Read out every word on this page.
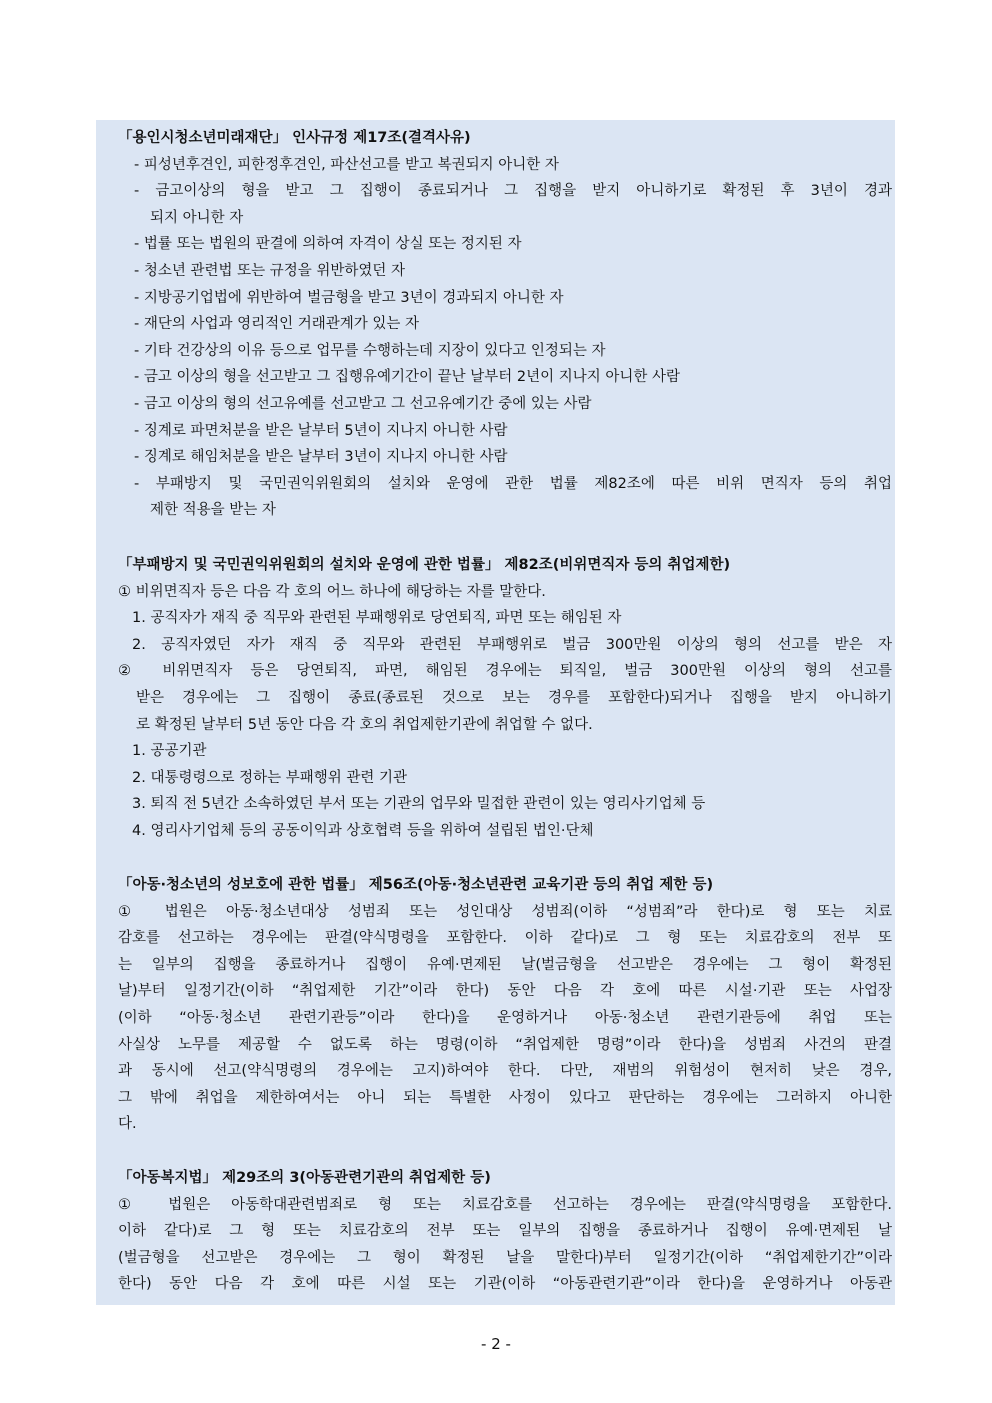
「용인시청소년미래재단」 인사규정 제17조(결격사유)
- 피성년후견인, 피한정후견인, 파산선고를 받고 복권되지 아니한 자
- 금고이상의 형을 받고 그 집행이 종료되거나 그 집행을 받지 아니하기로 확정된 후 3년이 경과
되지 아니한 자
- 법률 또는 법원의 판결에 의하여 자격이 상실 또는 정지된 자
- 청소년 관련법 또는 규정을 위반하였던 자
- 지방공기업법에 위반하여 벌금형을 받고 3년이 경과되지 아니한 자
- 재단의 사업과 영리적인 거래관계가 있는 자
- 기타 건강상의 이유 등으로 업무를 수행하는데 지장이 있다고 인정되는 자
- 금고 이상의 형을 선고받고 그 집행유예기간이 끝난 날부터 2년이 지나지 아니한 사람
- 금고 이상의 형의 선고유예를 선고받고 그 선고유예기간 중에 있는 사람
- 징계로 파면처분을 받은 날부터 5년이 지나지 아니한 사람
- 징계로 해임처분을 받은 날부터 3년이 지나지 아니한 사람
- 부패방지 및 국민권익위원회의 설치와 운영에 관한 법률 제82조에 따른 비위 면직자 등의 취업
제한 적용을 받는 자
「부패방지 및 국민권익위원회의 설치와 운영에 관한 법률」 제82조(비위면직자 등의 취업제한)
① 비위면직자 등은 다음 각 호의 어느 하나에 해당하는 자를 말한다.
1. 공직자가 재직 중 직무와 관련된 부패행위로 당연퇴직, 파면 또는 해임된 자
2. 공직자였던 자가 재직 중 직무와 관련된 부패행위로 벌금 300만원 이상의 형의 선고를 받은 자
② 비위면직자 등은 당연퇴직, 파면, 해임된 경우에는 퇴직일, 벌금 300만원 이상의 형의 선고를
받은 경우에는 그 집행이 종료(종료된 것으로 보는 경우를 포함한다)되거나 집행을 받지 아니하기
로 확정된 날부터 5년 동안 다음 각 호의 취업제한기관에 취업할 수 없다.
1. 공공기관
2. 대통령령으로 정하는 부패행위 관련 기관
3. 퇴직 전 5년간 소속하였던 부서 또는 기관의 업무와 밀접한 관련이 있는 영리사기업체 등
4. 영리사기업체 등의 공동이익과 상호협력 등을 위하여 설립된 법인·단체
「아동·청소년의 성보호에 관한 법률」 제56조(아동·청소년관련 교육기관 등의 취업 제한 등)
① 법원은 아동·청소년대상 성범죄 또는 성인대상 성범죄(이하 “성범죄”라 한다)로 형 또는 치료
감호를 선고하는 경우에는 판결(약식명령을 포함한다. 이하 같다)로 그 형 또는 치료감호의 전부 또
는 일부의 집행을 종료하거나 집행이 유예·면제된 날(벌금형을 선고받은 경우에는 그 형이 확정된
날)부터 일정기간(이하 “취업제한 기간”이라 한다) 동안 다음 각 호에 따른 시설·기관 또는 사업장
(이하 “아동·청소년 관련기관등”이라 한다)을 운영하거나 아동·청소년 관련기관등에 취업 또는
사실상 노무를 제공할 수 없도록 하는 명령(이하 “취업제한 명령”이라 한다)을 성범죄 사건의 판결
과 동시에 선고(약식명령의 경우에는 고지)하여야 한다. 다만, 재범의 위험성이 현저히 낮은 경우,
그 밖에 취업을 제한하여서는 아니 되는 특별한 사정이 있다고 판단하는 경우에는 그러하지 아니한
다.
「아동복지법」 제29조의 3(아동관련기관의 취업제한 등)
① 법원은 아동학대관련범죄로 형 또는 치료감호를 선고하는 경우에는 판결(약식명령을 포함한다.
이하 같다)로 그 형 또는 치료감호의 전부 또는 일부의 집행을 종료하거나 집행이 유예·면제된 날
(벌금형을 선고받은 경우에는 그 형이 확정된 날을 말한다)부터 일정기간(이하 “취업제한기간”이라
한다) 동안 다음 각 호에 따른 시설 또는 기관(이하 “아동관련기관”이라 한다)을 운영하거나 아동관
- 2 -
